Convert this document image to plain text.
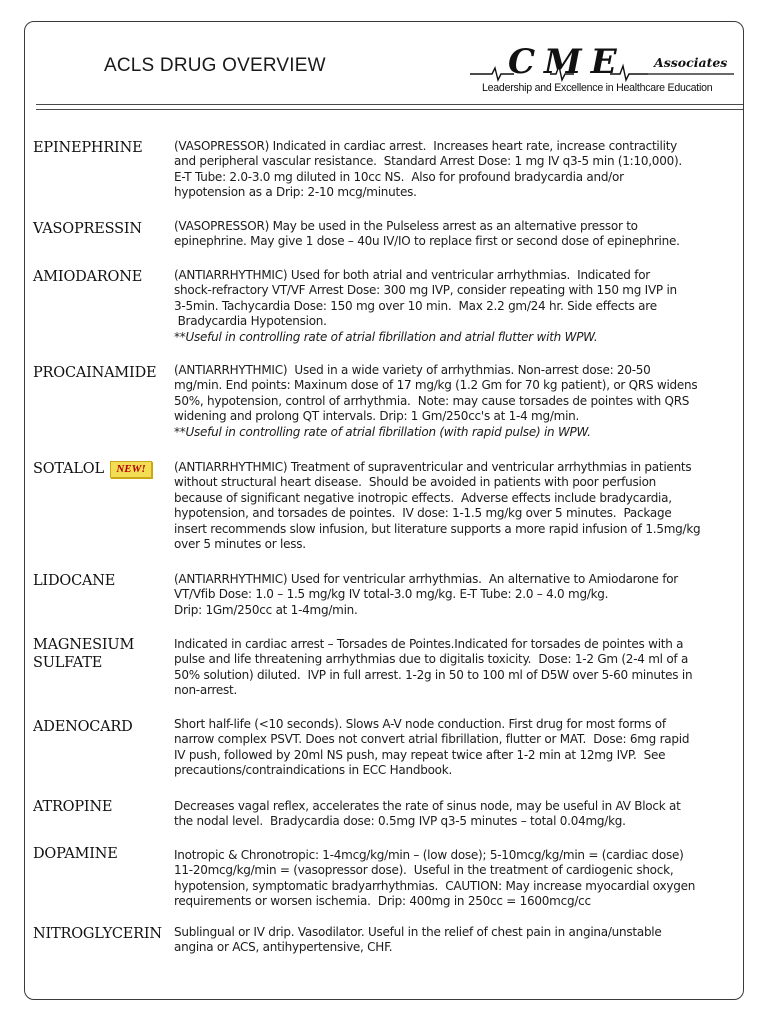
ACLS DRUG OVERVIEW	CME Associates
Leadership and Excellence in Healthcare Education
NEW!
EPINEPHRINE	(VASOPRESSOR) Indicated in cardiac arrest.  Increases heart rate, increase contractility
and peripheral vascular resistance.  Standard Arrest Dose: 1 mg IV q3-5 min (1:10,000).
E-T Tube: 2.0-3.0 mg diluted in 10cc NS.  Also for profound bradycardia and/or
hypotension as a Drip: 2-10 mcg/minutes.
VASOPRESSIN	(VASOPRESSOR) May be used in the Pulseless arrest as an alternative pressor to
epinephrine. May give 1 dose – 40u IV/IO to replace first or second dose of epinephrine.
AMIODARONE	(ANTIARRHYTHMIC) Used for both atrial and ventricular arrhythmias.  Indicated for
shock-refractory VT/VF Arrest Dose: 300 mg IVP, consider repeating with 150 mg IVP in
3-5min. Tachycardia Dose: 150 mg over 10 min.  Max 2.2 gm/24 hr. Side effects are
Bradycardia Hypotension.
**Useful in controlling rate of atrial fibrillation and atrial flutter with WPW.
PROCAINAMIDE	(ANTIARRHYTHMIC)  Used in a wide variety of arrhythmias. Non-arrest dose: 20-50
mg/min. End points: Maxinum dose of 17 mg/kg (1.2 Gm for 70 kg patient), or QRS widens
50%, hypotension, control of arrhythmia.  Note: may cause torsades de pointes with QRS
widening and prolong QT intervals. Drip: 1 Gm/250cc's at 1-4 mg/min.
**Useful in controlling rate of atrial fibrillation (with rapid pulse) in WPW.
SOTALOL	(ANTIARRHYTHMIC) Treatment of supraventricular and ventricular arrhythmias in patients
without structural heart disease.  Should be avoided in patients with poor perfusion
because of significant negative inotropic effects.  Adverse effects include bradycardia,
hypotension, and torsades de pointes.  IV dose: 1-1.5 mg/kg over 5 minutes.  Package
insert recommends slow infusion, but literature supports a more rapid infusion of 1.5mg/kg
over 5 minutes or less.
LIDOCANE	(ANTIARRHYTHMIC) Used for ventricular arrhythmias.  An alternative to Amiodarone for
VT/Vfib Dose: 1.0 – 1.5 mg/kg IV total-3.0 mg/kg. E-T Tube: 2.0 – 4.0 mg/kg.
Drip: 1Gm/250cc at 1-4mg/min.
MAGNESIUM
SULFATE
Indicated in cardiac arrest – Torsades de Pointes.Indicated for torsades de pointes with a
pulse and life threatening arrhythmias due to digitalis toxicity.  Dose: 1-2 Gm (2-4 ml of a
50% solution) diluted.  IVP in full arrest. 1-2g in 50 to 100 ml of D5W over 5-60 minutes in
non-arrest.
ADENOCARD	Short half-life (<10 seconds). Slows A-V node conduction. First drug for most forms of
narrow complex PSVT. Does not convert atrial fibrillation, flutter or MAT.  Dose: 6mg rapid
IV push, followed by 20ml NS push, may repeat twice after 1-2 min at 12mg IVP.  See
precautions/contraindications in ECC Handbook.
ATROPINE	Decreases vagal reflex, accelerates the rate of sinus node, may be useful in AV Block at
the nodal level.  Bradycardia dose: 0.5mg IVP q3-5 minutes – total 0.04mg/kg.
DOPAMINE	Inotropic & Chronotropic: 1-4mcg/kg/min – (low dose); 5-10mcg/kg/min = (cardiac dose)
11-20mcg/kg/min = (vasopressor dose).  Useful in the treatment of cardiogenic shock,
hypotension, symptomatic bradyarrhythmias.  CAUTION: May increase myocardial oxygen
requirements or worsen ischemia.  Drip: 400mg in 250cc = 1600mcg/cc
NITROGLYCERIN	Sublingual or IV drip. Vasodilator. Useful in the relief of chest pain in angina/unstable
angina or ACS, antihypertensive, CHF.
